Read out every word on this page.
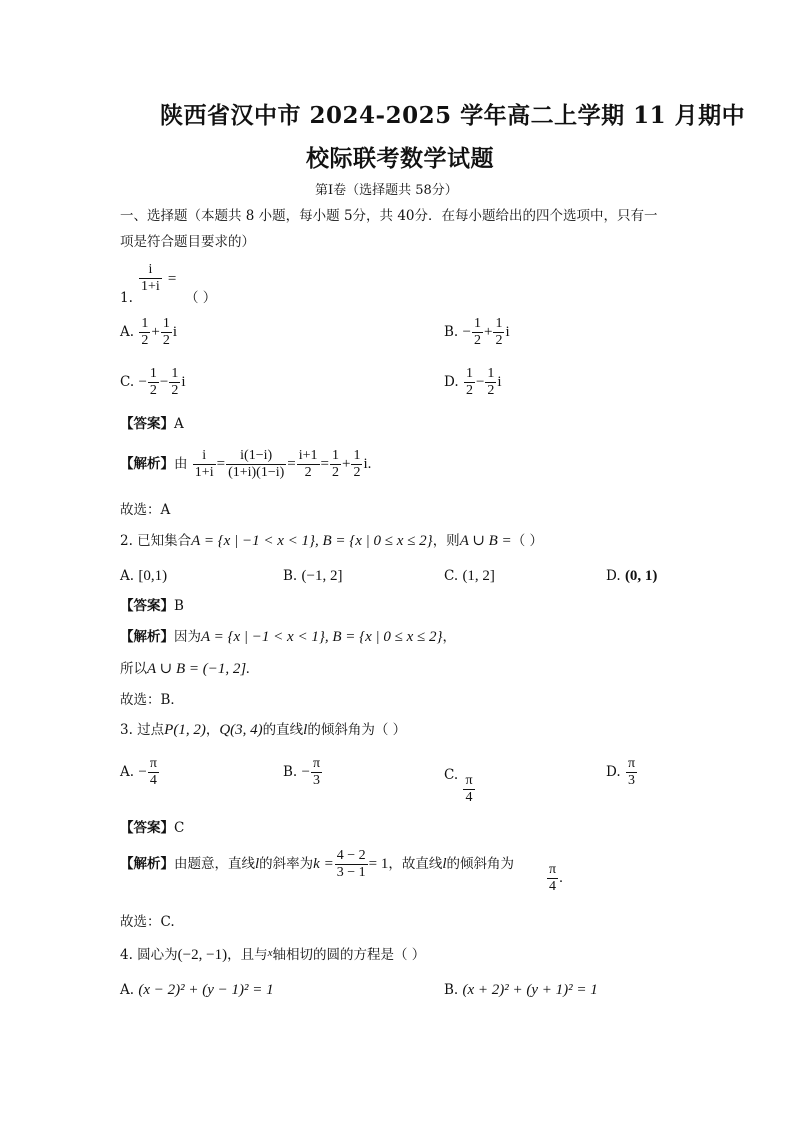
陕西省汉中市 2024-2025 学年高二上学期 11 月期中
校际联考数学试题
第Ⅰ卷（选择题共 58分）
一、选择题（本题共 8 小题，每小题 5分，共 40分．在每小题给出的四个选项中，只有一
项是符合题目要求的）
$\frac{i}{1+i}$ =
1.	（ ）
A. $\frac{1}{2} + \frac{1}{2}$ i	B. − $\frac{1}{2} + \frac{1}{2}$ i
C. − $\frac{1}{2} - \frac{1}{2}$ i	D. $\frac{1}{2} - \frac{1}{2}$ i
【答案】A
【解析】由 $\frac{i}{1+i} = \frac{i(1-i)}{(1+i)(1-i)} = \frac{i+1}{2} = \frac{1}{2} + \frac{1}{2} i$.
故选：A
2. 已知集合A = {x | −1 < x < 1}, B = {x | 0 ≤ x ≤ 2}，则A ∪ B =（ ）
A. [0,1)	B. (−1, 2]	C. (1, 2]	D. (0, 1)
【答案】B
【解析】因为A = {x | −1 < x < 1}, B = {x | 0 ≤ x ≤ 2}，
所以A ∪ B = (−1, 2].
故选：B．
3. 过点P(1, 2)，Q(3, 4)的直线l的倾斜角为（ ）
A. − $\frac{\pi}{4}$	B. − $\frac{\pi}{3}$	C. $\frac{\pi}{4}$
D. $\frac{\pi}{3}$
【答案】C
【解析】由题意，直线l的斜率为$k = \frac{4 - 2}{3 - 1} = 1$，故直线l的倾斜角为 $\frac{\pi}{4}$ .
故选：C.
4. 圆心为(−2, −1)，且与$^x$轴相切的圆的方程是（ ）
A. (x − 2)² + (y − 1)² = 1	B. (x + 2)² + (y + 1)² = 1
